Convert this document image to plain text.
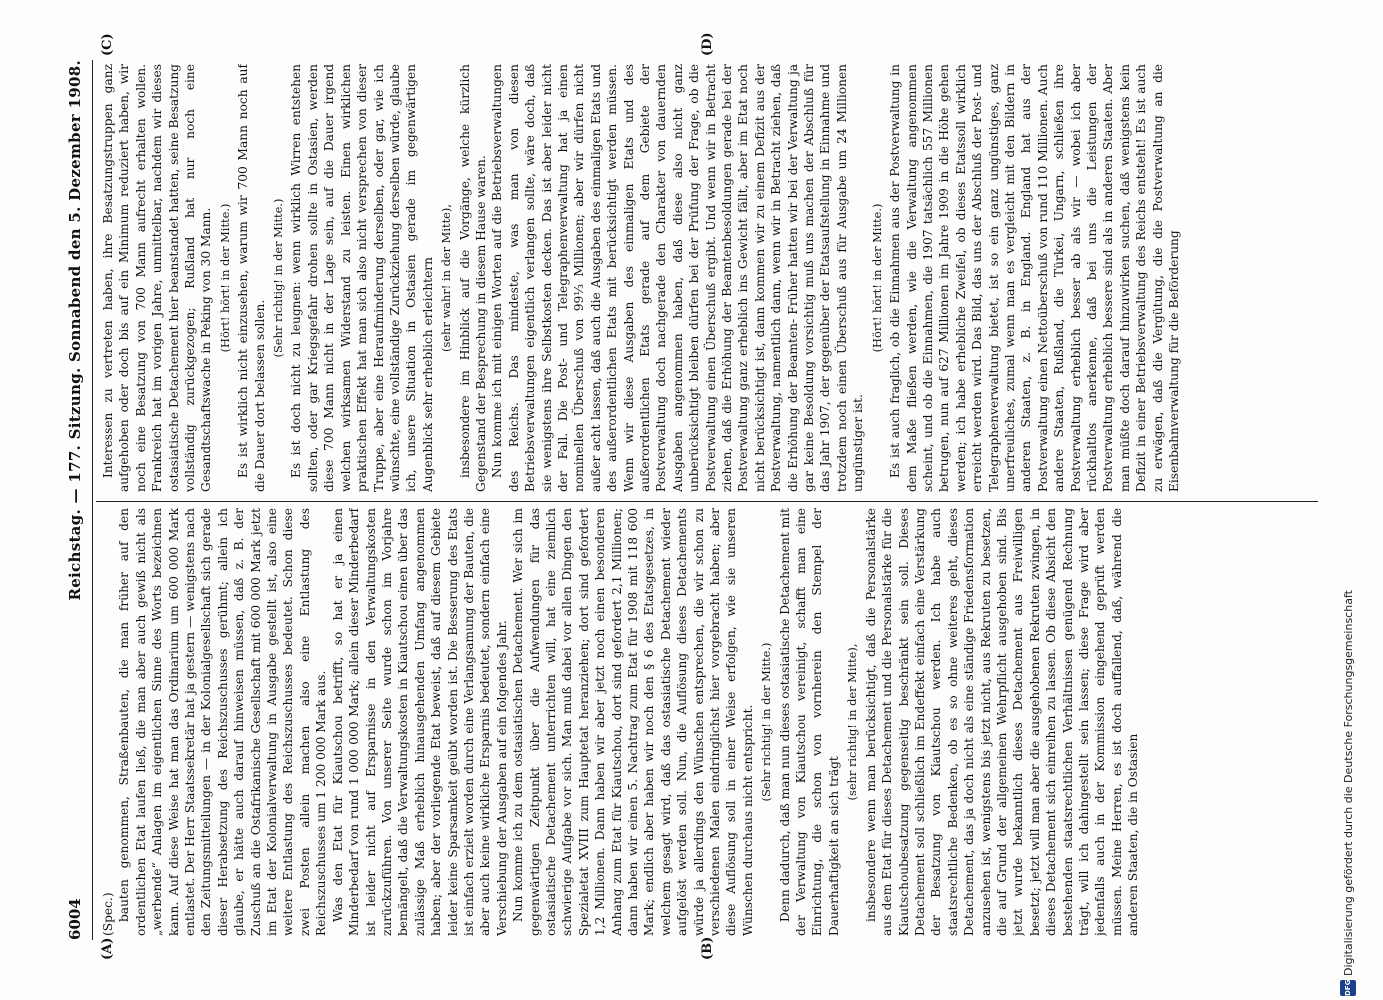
6004
Reichstag. — 177. Sitzung. Sonnabend den 5. Dezember 1908.
(A)	(B)
(C)	(D)

(Spec.) bauten genommen, Straßenbauten, die man früher auf den ordentlichen Etat laufen ließ, die man aber auch gewiß nicht als „werbende“ Anlagen im eigentlichen Sinne des Worts bezeichnen kann. Auf diese Weise hat man das Ordinarium um 600 000 Mark entlastet. Der Herr Staatssekretär hat ja gestern — wenigstens nach den Zeitungsmitteilungen — in der Kolonialgesellschaft sich gerade dieser Herabsetzung des Reichszuschusses gerühmt; allein ich glaube, er hätte auch darauf hinweisen müssen, daß z. B. der Zuschuß an die Ostafrikanische Gesellschaft mit 600 000 Mark jetzt im Etat der Kolonialverwaltung in Ausgabe gestellt ist, also eine weitere Entlastung des Reichszuschusses bedeutet. Schon diese zwei Posten allein machen also eine Entlastung des Reichszuschusses um 1 200 000 Mark aus. Was den Etat für Kiautschou betrifft, so hat er ja einen Minderbedarf von rund 1 000 000 Mark; allein dieser Minderbedarf ist leider nicht auf Ersparnisse in den Verwaltungskosten zurückzuführen. Von unserer Seite wurde schon im Vorjahre bemängelt, daß die Verwaltungskosten in Kiautschou einen über das zulässige Maß erheblich hinausgehenden Umfang angenommen haben; aber der vorliegende Etat beweist, daß auf diesem Gebiete leider keine Sparsamkeit geübt worden ist. Die Besserung des Etats ist einfach erzielt worden durch eine Verlangsamung der Bauten, die aber auch keine wirkliche Ersparnis bedeutet, sondern einfach eine Verschiebung der Ausgaben auf ein folgendes Jahr. Nun komme ich zu dem ostasiatischen Detachement. Wer sich im gegenwärtigen Zeitpunkt über die Aufwendungen für das ostasiatische Detachement unterrichten will, hat eine ziemlich schwierige Aufgabe vor sich. Man muß dabei vor allen Dingen den Spezialetat XVIII zum Hauptetat heranziehen; dort sind gefordert 1,2 Millionen. Dann haben wir aber jetzt noch einen besonderen Anhang zum Etat für Kiautschou, dort sind gefordert 2,1 Millionen; dann haben wir einen 5. Nachtrag zum Etat für 1908 mit 118 600 Mark; endlich aber haben wir noch den § 6 des Etatsgesetzes, in welchem gesagt wird, daß das ostasiatische Detachement wieder aufgelöst werden soll. Nun, die Auflösung dieses Detachements würde ja allerdings den Wünschen entsprechen, die wir schon zu verschiedenen Malen eindringlichst hier vorgebracht haben; aber diese Auflösung soll in einer Weise erfolgen, wie sie unseren Wünschen durchaus nicht entspricht. (Sehr richtig! in der Mitte.) Denn dadurch, daß man nun dieses ostasiatische Detachement mit der Verwaltung von Kiautschou vereinigt, schafft man eine Einrichtung, die schon von vornherein den Stempel der Dauerhaftigkeit an sich trägt

(sehr richtig! in der Mitte), insbesondere wenn man berücksichtigt, daß die Personalstärke aus dem Etat für dieses Detachement und die Personalstärke für die Kiautschoubesatzung gegenseitig beschränkt sein soll. Dieses Detachement soll schließlich im Endeffekt einfach eine Verstärkung der Besatzung von Kiautschou werden. Ich habe auch staatsrechtliche Bedenken, ob es so ohne weiteres geht, dieses Detachement, das ja doch nicht als eine ständige Friedensformation anzusehen ist, wenigstens bis jetzt nicht, aus Rekruten zu besetzen, die auf Grund der allgemeinen Wehrpflicht ausgehoben sind. Bis jetzt wurde bekanntlich dieses Detachement aus Freiwilligen besetzt; jetzt will man aber die ausgehobenen Rekruten zwingen, in dieses Detachement sich einreihen zu lassen. Ob diese Absicht den bestehenden staatsrechtlichen Verhältnissen genügend Rechnung trägt, will ich dahingestellt sein lassen; diese Frage wird aber jedenfalls auch in der Kommission eingehend geprüft werden müssen. Meine Herren, es ist doch auffallend, daß, während die anderen Staaten, die in Ostasien

Interessen zu vertreten haben, ihre Besatzungstruppen ganz aufgehoben oder doch bis auf ein Minimum reduziert haben, wir noch eine Besatzung von 700 Mann aufrecht erhalten wollen. Frankreich hat im vorigen Jahre, unmittelbar, nachdem wir dieses ostasiatische Detachement hier beanstandet hatten, seine Besatzung vollständig zurückgezogen; Rußland hat nur noch eine Gesandtschaftswache in Peking von 30 Mann. (Hört! hört! in der Mitte.) Es ist wirklich nicht einzusehen, warum wir 700 Mann noch auf die Dauer dort belassen sollen.

(Sehr richtig! in der Mitte.) Es ist doch nicht zu leugnen: wenn wirklich Wirren entstehen sollten, oder gar Kriegsgefahr drohen sollte in Ostasien, werden diese 700 Mann nicht in der Lage sein, auf die Dauer irgend welchen wirksamen Widerstand zu leisten. Einen wirklichen praktischen Effekt hat man sich also nicht versprechen von dieser Truppe, aber eine Heraufminderung derselben, oder gar, wie ich wünschte, eine vollständige Zurückziehung derselben würde, glaube ich, unsere Situation in Ostasien gerade im gegenwärtigen Augenblick sehr erheblich erleichtern (sehr wahr! in der Mitte), insbesondere im Hinblick auf die Vorgänge, welche kürzlich Gegenstand der Besprechung in diesem Hause waren. Nun komme ich mit einigen Worten auf die Betriebsverwaltungen des Reichs. Das mindeste, was man von diesen Betriebsverwaltungen eigentlich verlangen sollte, wäre doch, daß sie wenigstens ihre Selbstkosten decken. Das ist aber leider nicht der Fall. Die Post- und Telegraphenverwaltung hat ja einen nominellen Überschuß von 99⅓ Millionen; aber wir dürfen nicht außer acht lassen, daß auch die Ausgaben des einmaligen Etats und des außerordentlichen Etats mit berücksichtigt werden müssen. Wenn wir diese Ausgaben des einmaligen Etats und des außerordentlichen Etats gerade auf dem Gebiete der Postverwaltung doch nachgerade den Charakter von dauernden Ausgaben angenommen haben, daß diese also nicht ganz unberücksichtigt bleiben dürfen bei der Prüfung der Frage, ob die Postverwaltung einen Überschuß ergibt. Und wenn wir in Betracht ziehen, daß die Erhöhung der Beamtenbesoldungen gerade bei der Postverwaltung ganz erheblich ins Gewicht fällt, aber im Etat noch nicht berücksichtigt ist, dann kommen wir zu einem Defizit aus der Postverwaltung, namentlich dann, wenn wir in Betracht ziehen, daß die Erhöhung der Beamten- Früher hatten wir bei der Verwaltung ja gar keine Besoldung vorsichtig muß uns machen der Abschluß für das Jahr 1907, der gegenüber der Etatsaufstellung in Einnahme und trotzdem noch einen Überschuß aus für Ausgabe um 24 Millionen ungünstiger ist.

(Hört! hört! in der Mitte.) Es ist auch fraglich, ob die Einnahmen aus der Postverwaltung in dem Maße fließen werden, wie die Verwaltung angenommen scheint, und ob die Einnahmen, die 1907 tatsächlich 557 Millionen betrugen, nun auf 627 Millionen im Jahre 1909 in die Höhe gehen werden; ich habe erhebliche Zweifel, ob dieses Etatssoll wirklich erreicht werden wird. Das Bild, das uns der Abschluß der Post- und Telegraphenverwaltung bietet, ist so ein ganz ungünstiges, ganz unerfreuliches, zumal wenn man es vergleicht mit den Bildern in anderen Staaten, z. B. in England. England hat aus der Postverwaltung einen Nettoüberschuß von rund 110 Millionen. Auch andere Staaten, Rußland, die Türkei, Ungarn, schließen ihre Postverwaltung erheblich besser ab als wir — wobei ich aber rückhaltlos anerkenne, daß bei uns die Leistungen der Postverwaltung erheblich bessere sind als in anderen Staaten. Aber man müßte doch darauf hinzuwirken suchen, daß wenigstens kein Defizit in einer Betriebsverwaltung des Reichs entsteht! Es ist auch zu erwägen, daß die Vergütung, die die Postverwaltung an die Eisenbahnverwaltung für die Beförderung

DFG
Digitalisierung gefördert durch die Deutsche Forschungsgemeinschaft
